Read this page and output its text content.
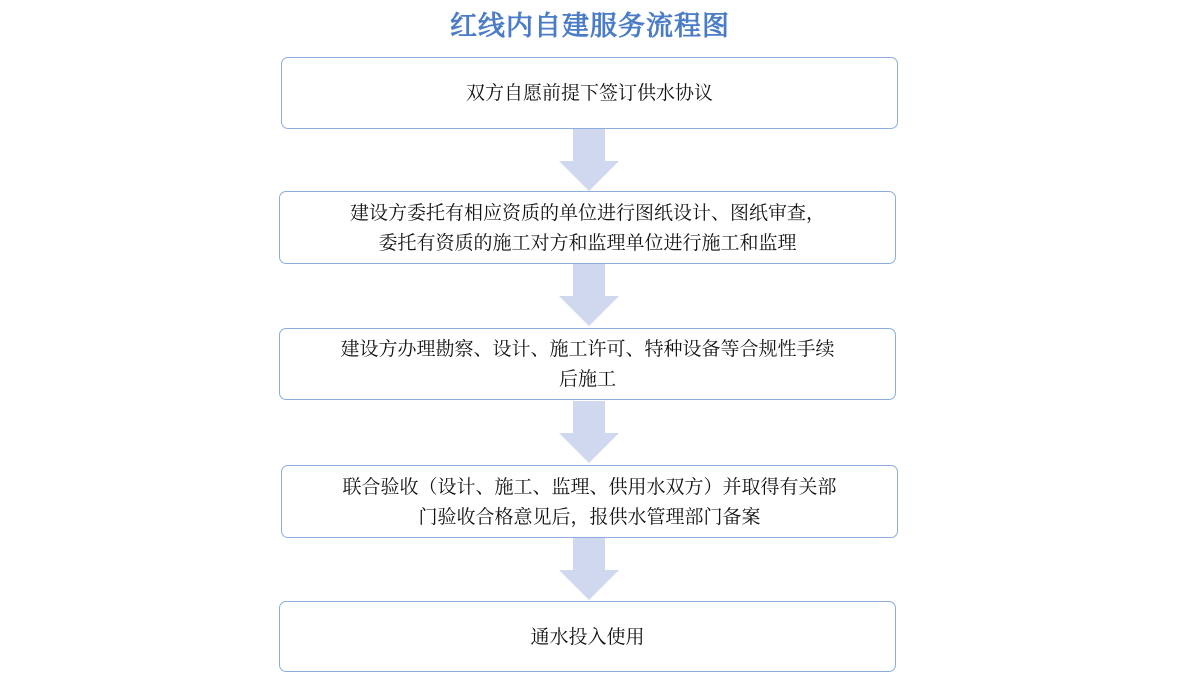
红线内自建服务流程图
双方自愿前提下签订供水协议
建设方委托有相应资质的单位进行图纸设计、图纸审查，
委托有资质的施工对方和监理单位进行施工和监理
建设方办理勘察、设计、施工许可、特种设备等合规性手续
后施工
联合验收（设计、施工、监理、供用水双方）并取得有关部
门验收合格意见后，报供水管理部门备案
通水投入使用
